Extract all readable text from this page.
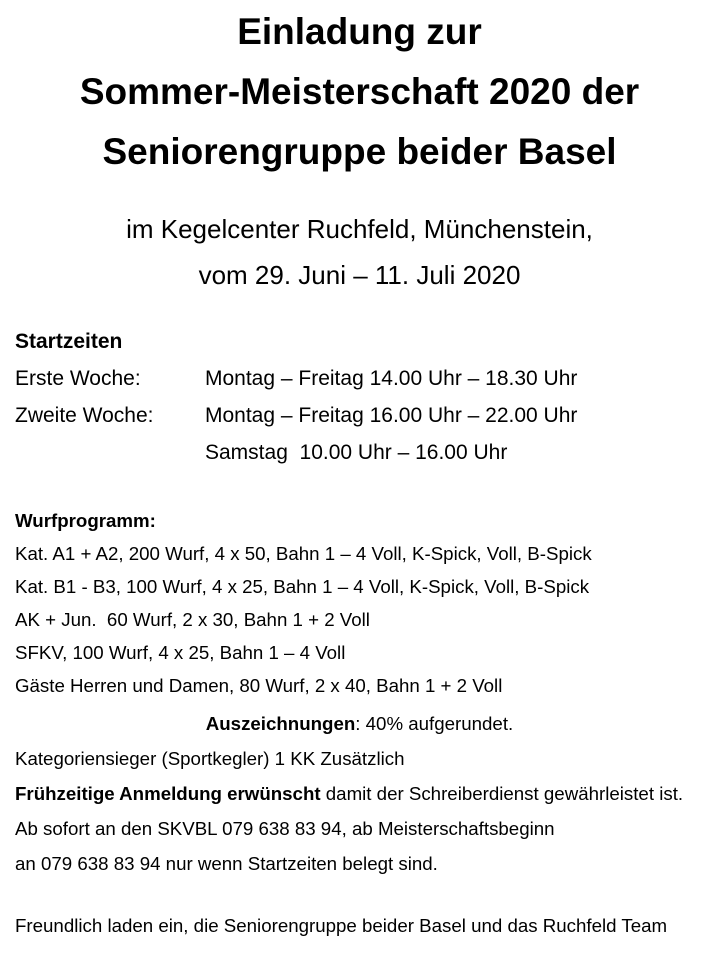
Einladung zur
Sommer-Meisterschaft 2020 der
Seniorengruppe beider Basel
im Kegelcenter Ruchfeld, Münchenstein,
vom 29. Juni – 11. Juli 2020
Startzeiten
Erste Woche:	Montag – Freitag 14.00 Uhr – 18.30 Uhr
Zweite Woche:	Montag – Freitag 16.00 Uhr – 22.00 Uhr
Samstag  10.00 Uhr – 16.00 Uhr
Wurfprogramm:
Kat. A1 + A2, 200 Wurf, 4 x 50, Bahn 1 – 4 Voll, K-Spick, Voll, B-Spick
Kat. B1 - B3, 100 Wurf, 4 x 25, Bahn 1 – 4 Voll, K-Spick, Voll, B-Spick
AK + Jun.  60 Wurf, 2 x 30, Bahn 1 + 2 Voll
SFKV, 100 Wurf, 4 x 25, Bahn 1 – 4 Voll
Gäste Herren und Damen, 80 Wurf, 2 x 40, Bahn 1 + 2 Voll
Auszeichnungen: 40% aufgerundet.
Kategoriensieger (Sportkegler) 1 KK Zusätzlich
Frühzeitige Anmeldung erwünscht damit der Schreiberdienst gewährleistet ist.
Ab sofort an den SKVBL 079 638 83 94, ab Meisterschaftsbeginn
an 079 638 83 94 nur wenn Startzeiten belegt sind.
Freundlich laden ein, die Seniorengruppe beider Basel und das Ruchfeld Team
